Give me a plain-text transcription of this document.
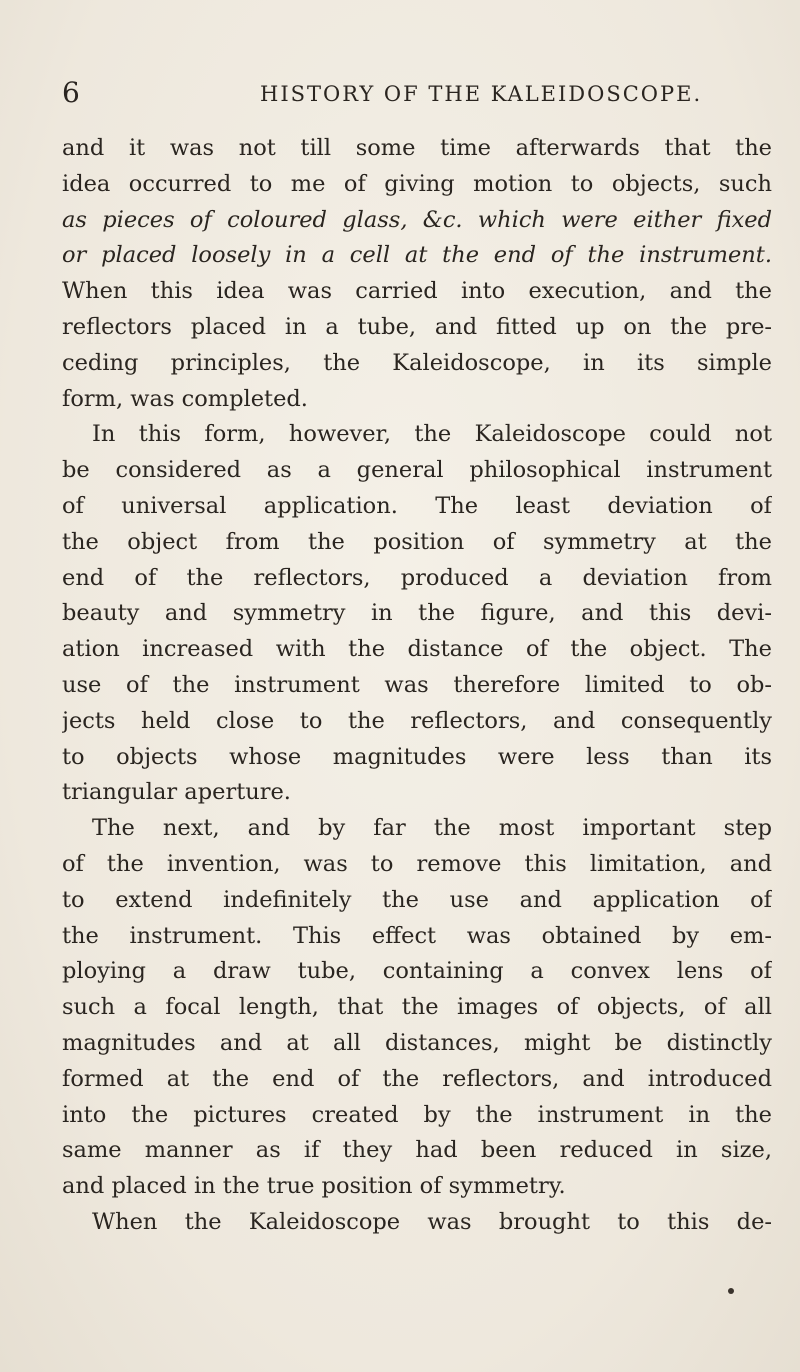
6	HISTORY OF THE KALEIDOSCOPE.
and it was not till some time afterwards that the
idea occurred to me of giving motion to objects, such
as pieces of coloured glass, &c. which were either fixed
or placed loosely in a cell at the end of the instrument.
When this idea was carried into execution, and the
reflectors placed in a tube, and fitted up on the pre-
ceding principles, the Kaleidoscope, in its simple
form, was completed.
In this form, however, the Kaleidoscope could not
be considered as a general philosophical instrument
of universal application. The least deviation of
the object from the position of symmetry at the
end of the reflectors, produced a deviation from
beauty and symmetry in the figure, and this devi-
ation increased with the distance of the object. The
use of the instrument was therefore limited to ob-
jects held close to the reflectors, and consequently
to objects whose magnitudes were less than its
triangular aperture.
The next, and by far the most important step
of the invention, was to remove this limitation, and
to extend indefinitely the use and application of
the instrument. This effect was obtained by em-
ploying a draw tube, containing a convex lens of
such a focal length, that the images of objects, of all
magnitudes and at all distances, might be distinctly
formed at the end of the reflectors, and introduced
into the pictures created by the instrument in the
same manner as if they had been reduced in size,
and placed in the true position of symmetry.
When the Kaleidoscope was brought to this de-
